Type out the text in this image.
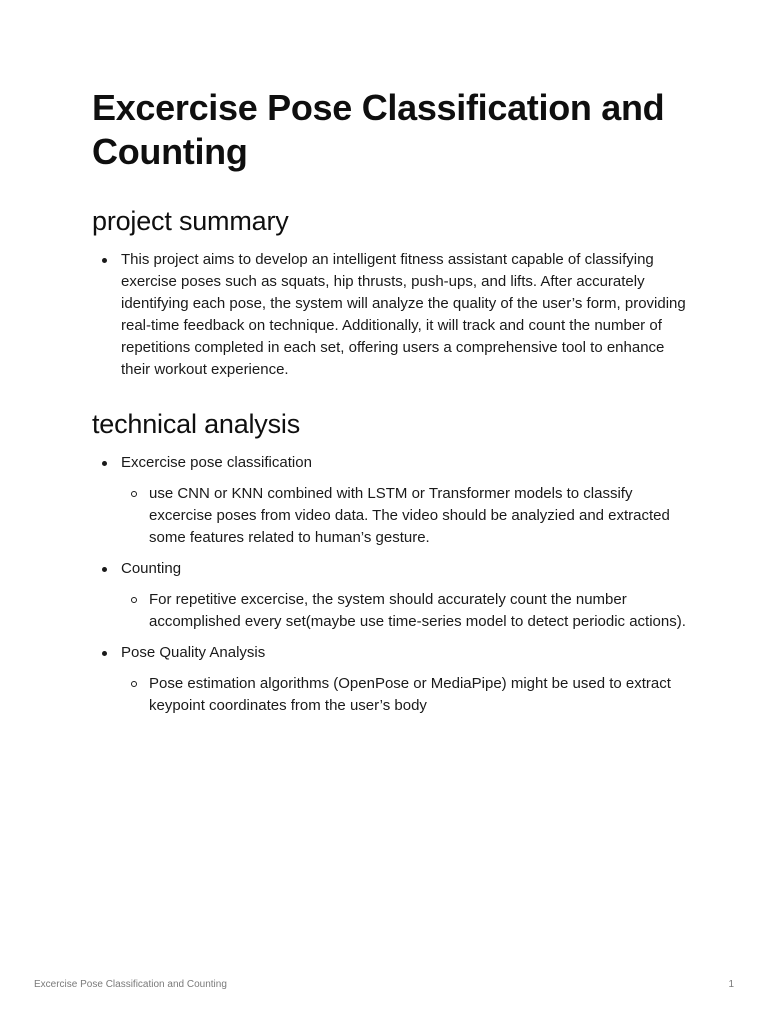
Excercise Pose Classification and Counting
project summary
This project aims to develop an intelligent fitness assistant capable of classifying exercise poses such as squats, hip thrusts, push-ups, and lifts. After accurately identifying each pose, the system will analyze the quality of the user’s form, providing real-time feedback on technique. Additionally, it will track and count the number of repetitions completed in each set, offering users a comprehensive tool to enhance their workout experience.
technical analysis
Excercise pose classification
use CNN or KNN combined with LSTM or Transformer models to classify excercise poses from video data. The video should be analyzied and extracted some features related to human’s gesture.
Counting
For repetitive excercise, the system should accurately count the number accomplished every set(maybe use time-series model to detect periodic actions).
Pose Quality Analysis
Pose estimation algorithms (OpenPose or MediaPipe) might be used to extract keypoint coordinates from the user’s body
Excercise Pose Classification and Counting	1
